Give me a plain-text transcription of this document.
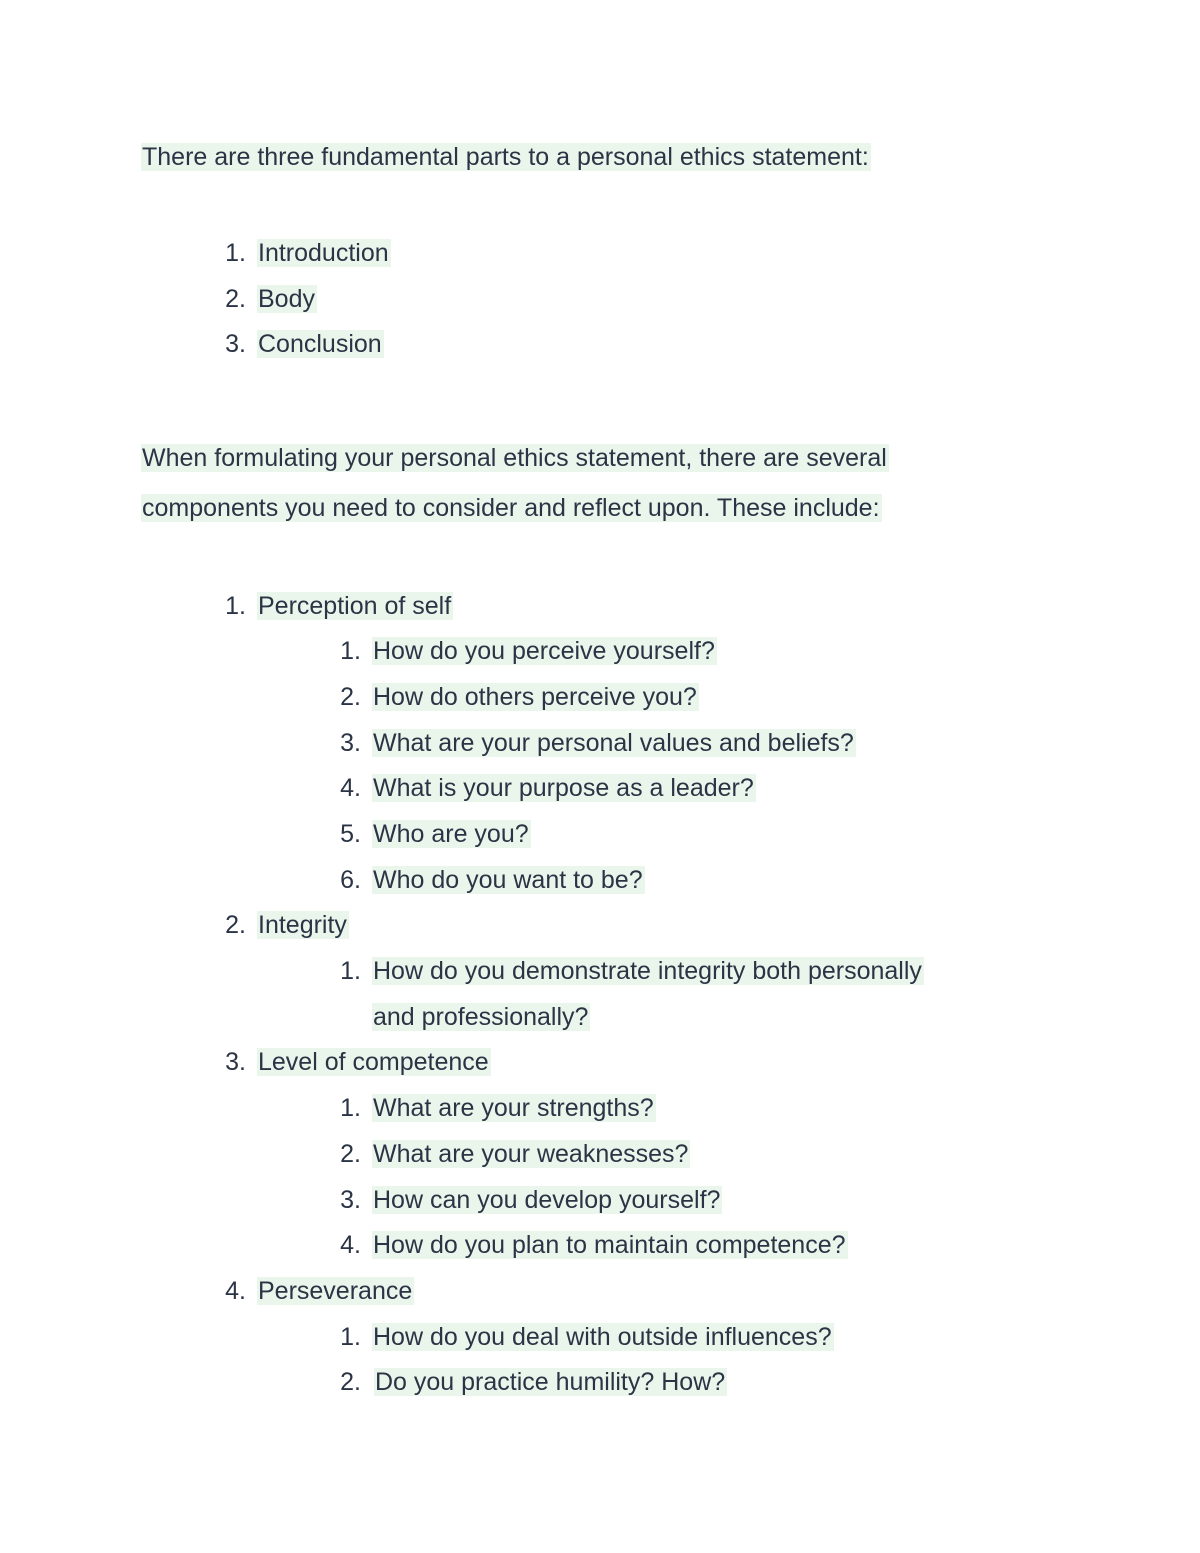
There are three fundamental parts to a personal ethics statement:
1. Introduction
2. Body
3. Conclusion
When formulating your personal ethics statement, there are several
components you need to consider and reflect upon. These include:
1. Perception of self
1. How do you perceive yourself?
2. How do others perceive you?
3. What are your personal values and beliefs?
4. What is your purpose as a leader?
5. Who are you?
6. Who do you want to be?
2. Integrity
1. How do you demonstrate integrity both personally
and professionally?
3. Level of competence
1. What are your strengths?
2. What are your weaknesses?
3. How can you develop yourself?
4. How do you plan to maintain competence?
4. Perseverance
1. How do you deal with outside influences?
2. Do you practice humility? How?
